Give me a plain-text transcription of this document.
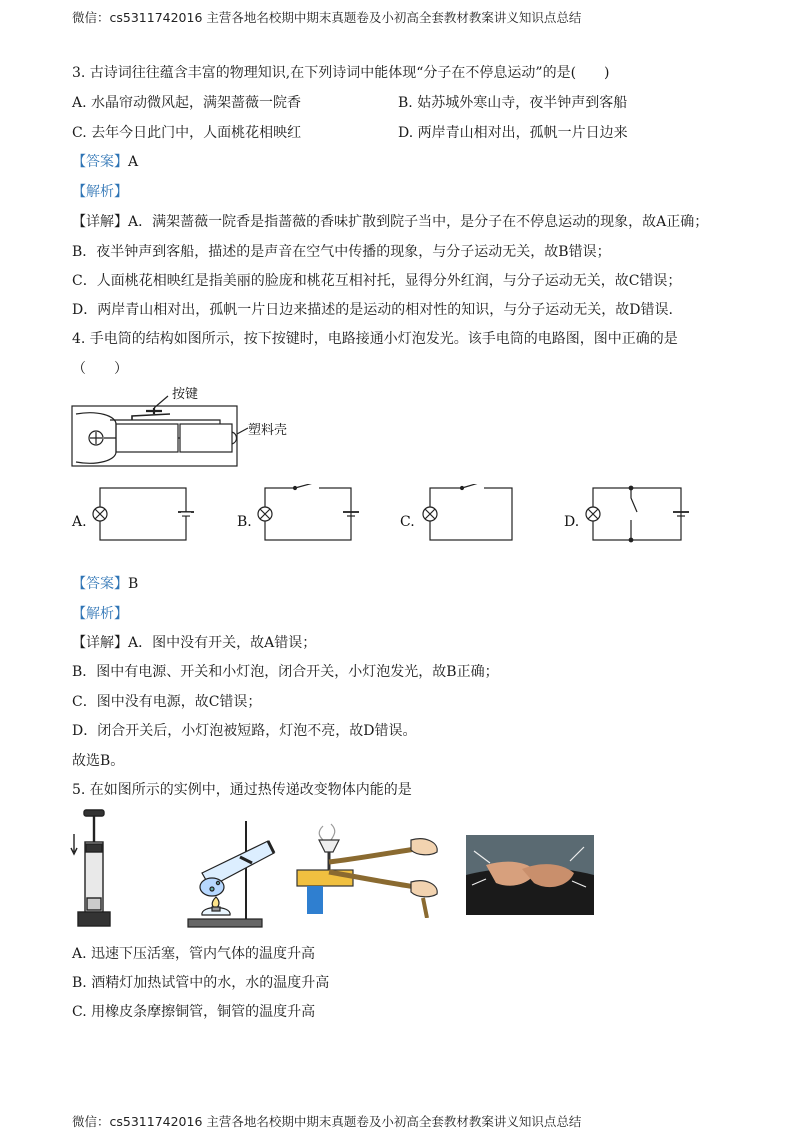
微信：cs5311742016 主营各地名校期中期末真题卷及小初高全套教材教案讲义知识点总结
3. 古诗词往往蕴含丰富的物理知识,在下列诗词中能体现“分子在不停息运动”的是(　　)
A. 水晶帘动微风起，满架蔷薇一院香	B. 姑苏城外寒山寺，夜半钟声到客船
C. 去年今日此门中，人面桃花相映红	D. 两岸青山相对出，孤帆一片日边来
【答案】A
【解析】
【详解】A．满架蔷薇一院香是指蔷薇的香味扩散到院子当中，是分子在不停息运动的现象，故A正确；
B．夜半钟声到客船，描述的是声音在空气中传播的现象，与分子运动无关，故B错误；
C．人面桃花相映红是指美丽的脸庞和桃花互相衬托，显得分外红润，与分子运动无关，故C错误；
D．两岸青山相对出，孤帆一片日边来描述的是运动的相对性的知识，与分子运动无关，故D错误.
4. 手电筒的结构如图所示，按下按键时，电路接通小灯泡发光。该手电筒的电路图，图中正确的是
（　　）
按键
塑料壳
A.	B.	C.	D.
【答案】B
【解析】
【详解】A．图中没有开关，故A错误；
B．图中有电源、开关和小灯泡，闭合开关，小灯泡发光，故B正确；
C．图中没有电源，故C错误；
D．闭合开关后，小灯泡被短路，灯泡不亮，故D错误。
故选B。
5. 在如图所示的实例中，通过热传递改变物体内能的是
A. 迅速下压活塞，管内气体的温度升高
B. 酒精灯加热试管中的水，水的温度升高
C. 用橡皮条摩擦铜管，铜管的温度升高
微信：cs5311742016 主营各地名校期中期末真题卷及小初高全套教材教案讲义知识点总结
